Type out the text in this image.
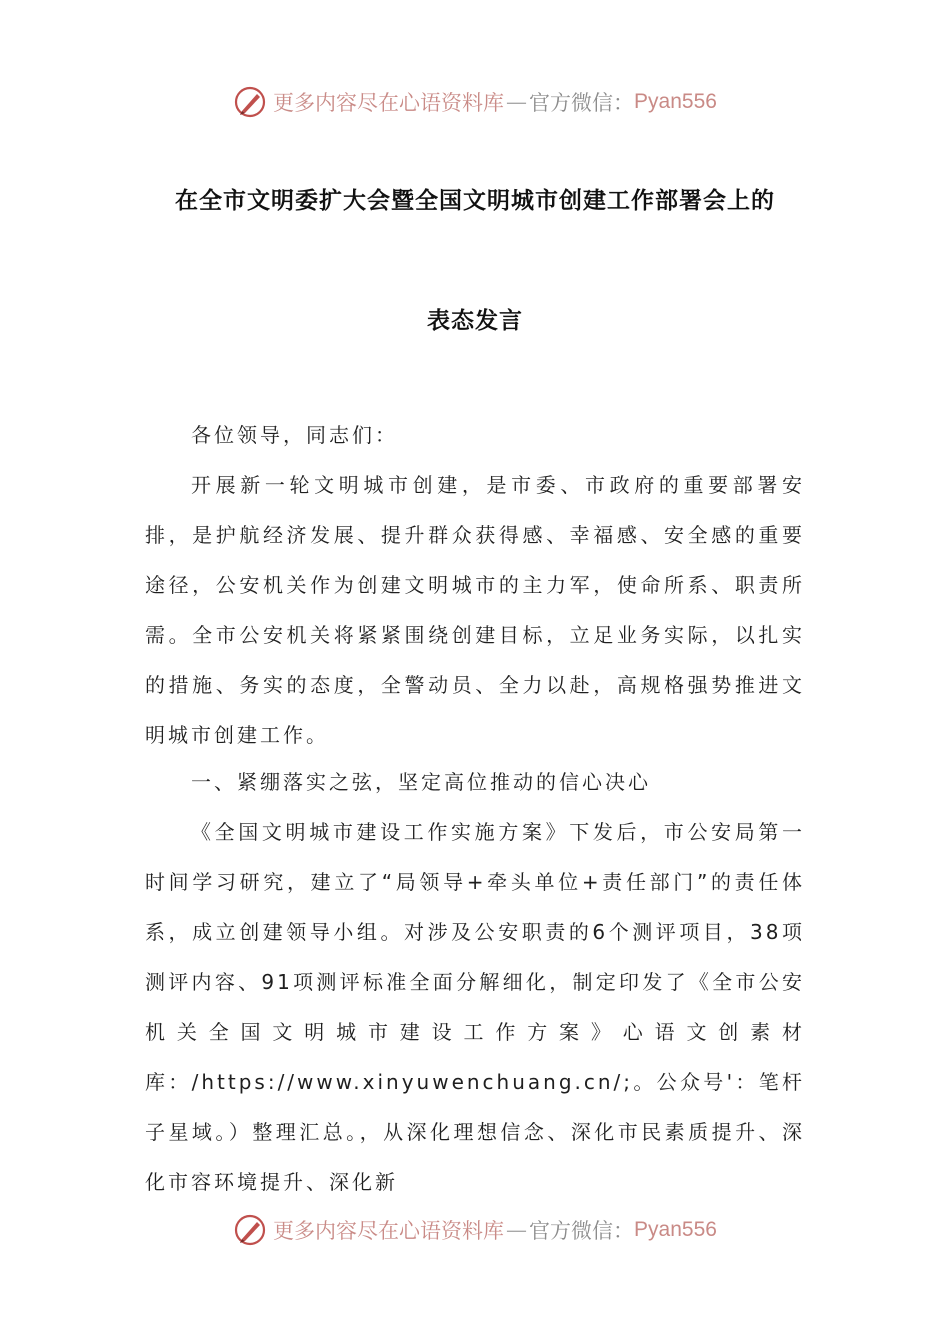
更多内容尽在心语资料库 — 官方微信： Pyan556
在全市文明委扩大会暨全国文明城市创建工作部署会上的
表态发言
各位领导，同志们：
开展新一轮文明城市创建，是市委、市政府的重要部署安排，是护航经济发展、提升群众获得感、幸福感、安全感的重要途径，公安机关作为创建文明城市的主力军，使命所系、职责所需。全市公安机关将紧紧围绕创建目标，立足业务实际，以扎实的措施、务实的态度，全警动员、全力以赴，高规格强势推进文明城市创建工作。
一、紧绷落实之弦，坚定高位推动的信心决心
《全国文明城市建设工作实施方案》下发后，市公安局第一时间学习研究，建立了“局领导+牵头单位+责任部门”的责任体系，成立创建领导小组。对涉及公安职责的6个测评项目，38项测评内容、91项测评标准全面分解细化，制定印发了《全市公安机关全国文明城市建设工作方案》心语文创素材库：/https://www.xinyuwenchuang.cn/;。公众号'：笔杆子星域。）整理汇总。，从深化理想信念、深化市民素质提升、深化市容环境提升、深化新
更多内容尽在心语资料库 — 官方微信： Pyan556
